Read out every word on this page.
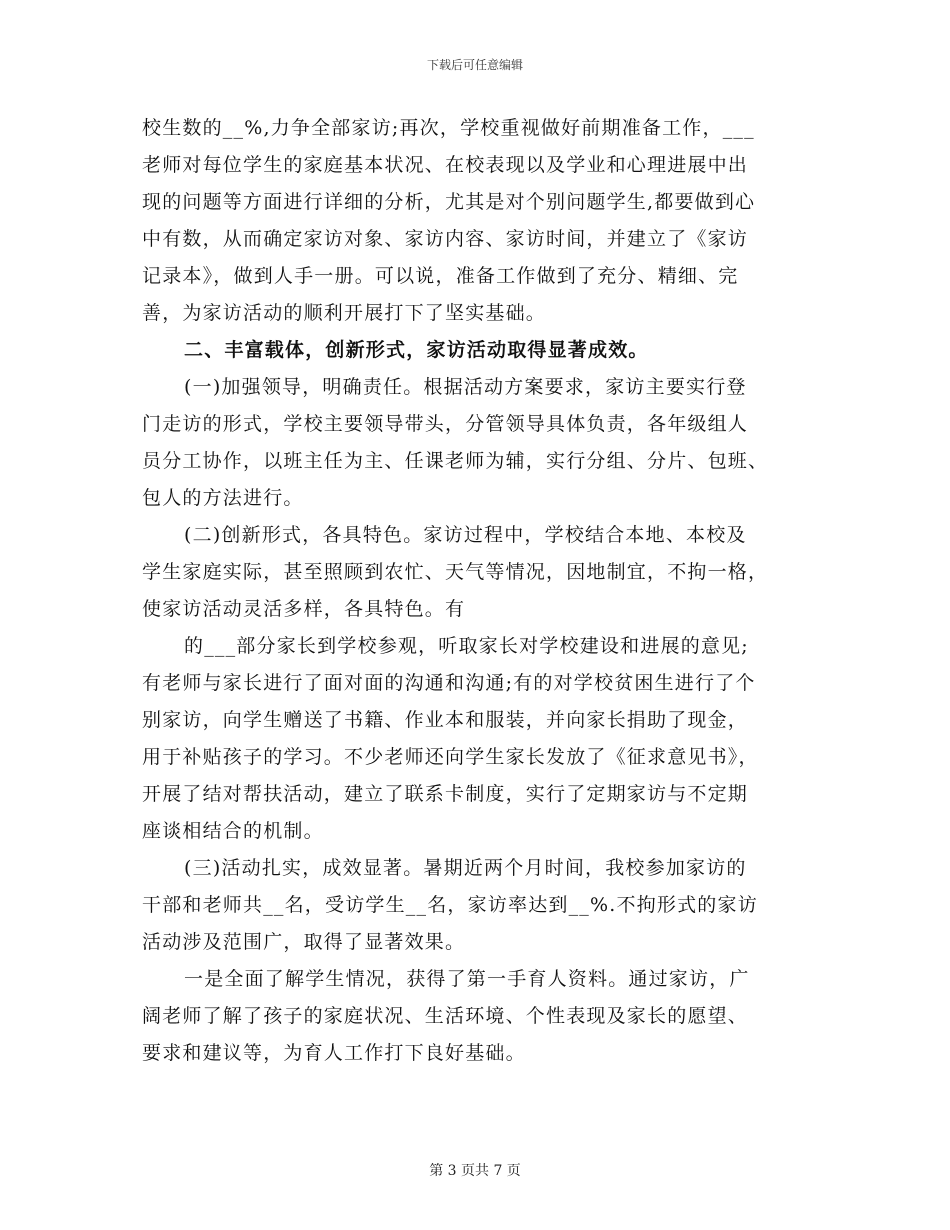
下载后可任意编辑
校生数的__%,力争全部家访;再次，学校重视做好前期准备工作，___
老师对每位学生的家庭基本状况、在校表现以及学业和心理进展中出
现的问题等方面进行详细的分析，尤其是对个别问题学生,都要做到心
中有数，从而确定家访对象、家访内容、家访时间，并建立了《家访
记录本》，做到人手一册。可以说，准备工作做到了充分、精细、完
善，为家访活动的顺利开展打下了坚实基础。
二、丰富载体，创新形式，家访活动取得显著成效。
(一)加强领导，明确责任。根据活动方案要求，家访主要实行登
门走访的形式，学校主要领导带头，分管领导具体负责，各年级组人
员分工协作，以班主任为主、任课老师为辅，实行分组、分片、包班、
包人的方法进行。
(二)创新形式，各具特色。家访过程中，学校结合本地、本校及
学生家庭实际，甚至照顾到农忙、天气等情况，因地制宜，不拘一格，
使家访活动灵活多样，各具特色。有
的___部分家长到学校参观，听取家长对学校建设和进展的意见;
有老师与家长进行了面对面的沟通和沟通;有的对学校贫困生进行了个
别家访，向学生赠送了书籍、作业本和服装，并向家长捐助了现金，
用于补贴孩子的学习。不少老师还向学生家长发放了《征求意见书》，
开展了结对帮扶活动，建立了联系卡制度，实行了定期家访与不定期
座谈相结合的机制。
(三)活动扎实，成效显著。暑期近两个月时间，我校参加家访的
干部和老师共__名，受访学生__名，家访率达到__%.不拘形式的家访
活动涉及范围广，取得了显著效果。
一是全面了解学生情况，获得了第一手育人资料。通过家访，广
阔老师了解了孩子的家庭状况、生活环境、个性表现及家长的愿望、
要求和建议等，为育人工作打下良好基础。
第 3 页共 7 页
